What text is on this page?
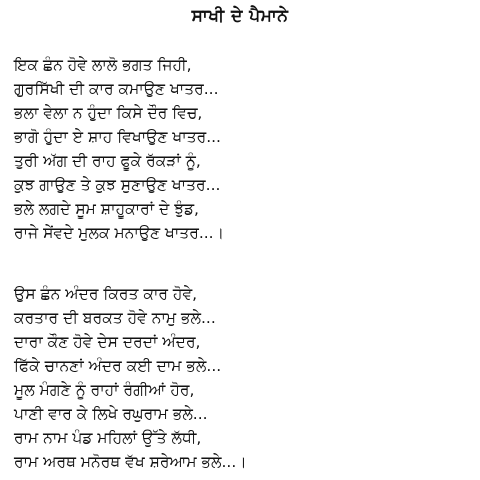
ਸਾਖੀ ਦੇ ਪੈਮਾਨੇ
ਇਕ ਛੰਨ ਹੋਵੇ ਲਾਲੋ ਭਗਤ ਜਿਹੀ,
ਗੁਰਸਿੱਖੀ ਦੀ ਕਾਰ ਕਮਾਉਣ ਖਾਤਰ...
ਭਲਾ ਵੇਲਾ ਨ ਹੁੰਦਾ ਕਿਸੇ ਦੌਰ ਵਿਚ,
ਭਾਗੋ ਹੁੰਦਾ ਏ ਸ਼ਾਹ ਵਿਖਾਉਣ ਖਾਤਰ...
ਤੁਰੀ ਅੱਗ ਦੀ ਰਾਹ ਫੂਕੇ ਰੱਕੜਾਂ ਨੂੰ,
ਕੁਝ ਗਾਉਣ ਤੇ ਕੁਝ ਸੁਣਾਉਣ ਖਾਤਰ...
ਭਲੇ ਲਗਦੇ ਸੂਮ ਸ਼ਾਹੂਕਾਰਾਂ ਦੇ ਝੁੰਡ,
ਰਾਜੇ ਸੇਂਵਦੇ ਮੁਲਕ ਮਨਾਉਣ ਖਾਤਰ...।
ਉਸ ਛੰਨ ਅੰਦਰ ਕਿਰਤ ਕਾਰ ਹੋਵੇ,
ਕਰਤਾਰ ਦੀ ਬਰਕਤ ਹੋਵੇ ਨਾਮੁ ਭਲੇ...
ਦਾਰਾ ਕੌਣ ਹੋਵੇ ਦੇਸ ਦਰਦਾਂ ਅੰਦਰ,
ਫਿੱਕੇ ਚਾਨਣਾਂ ਅੰਦਰ ਕਈ ਦਾਮ ਭਲੇ...
ਮੂਲ ਮੰਗਣੇ ਨੂੰ ਰਾਹਾਂ ਰੰਗੀਆਂ ਹੋਰ,
ਪਾਣੀ ਵਾਰ ਕੇ ਲਿਖੇ ਰਘੁਰਾਮ ਭਲੇ...
ਰਾਮ ਨਾਮ ਪੰਡ ਮਹਿਲਾਂ ਉੱਤੇ ਲੱਧੀ,
ਰਾਮ ਅਰਥ ਮਨੋਰਥ ਵੱਖ ਸ਼ਰੇਆਮ ਭਲੇ...।
